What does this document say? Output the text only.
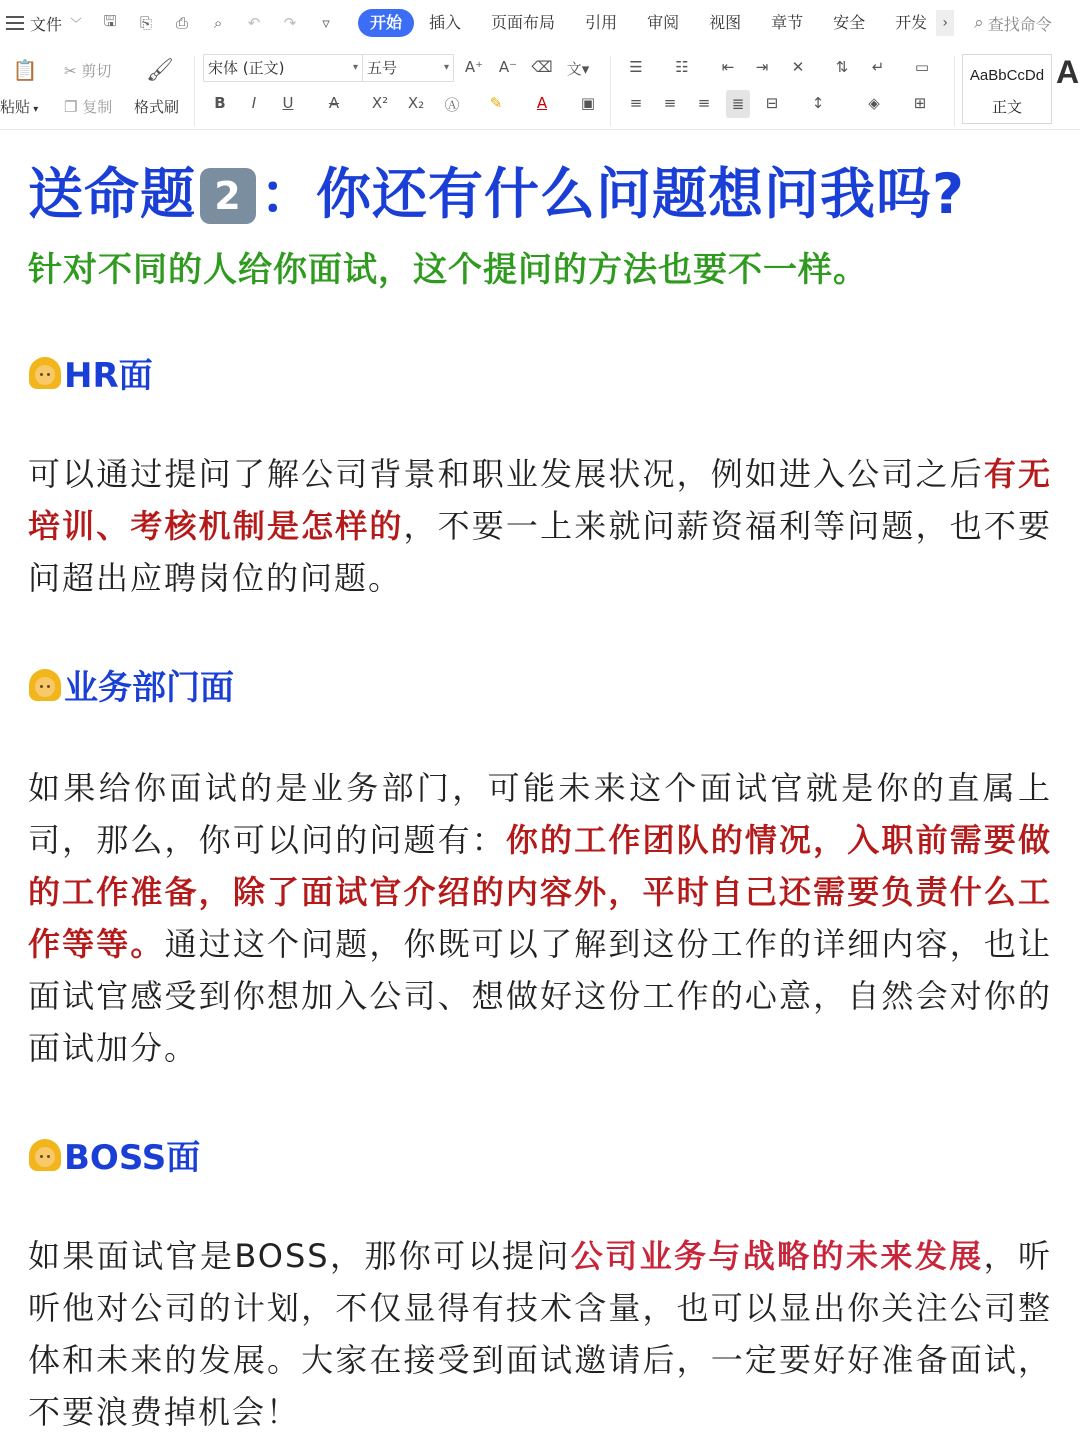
文件 ﹀ 🖫 ⎘ ⎙	⌕	↶ ↷	▿	开始	插入	页面布局	引用	审阅	视图	章节	安全	开发	›	⌕ 查找命令
📋
粘贴 ▾
✂ 剪切
❐ 复制
🖌
格式刷
宋体 (正文)	▾ 五号	▾ A⁺ A⁻ ⌫ 文▾
B	I	U	A	X² X₂ Ⓐ	✎	A	▣
☰	☷	⇤	⇥	✕	⇅	↵	▭
≡	≡	≡	≣	⊟	↕	◈	⊞
AaBbCcDd
正文
A
送命题 2 ：你还有什么问题想问我吗?
针对不同的人给你面试，这个提问的方法也要不一样。
HR面
可以通过提问了解公司背景和职业发展状况，例如进入公司之后有无培训、考核机制是怎样的，不要一上来就问薪资福利等问题，也不要问超出应聘岗位的问题。
业务部门面
如果给你面试的是业务部门，可能未来这个面试官就是你的直属上司，那么，你可以问的问题有：你的工作团队的情况，入职前需要做的工作准备，除了面试官介绍的内容外，平时自己还需要负责什么工作等等。通过这个问题，你既可以了解到这份工作的详细内容，也让面试官感受到你想加入公司、想做好这份工作的心意，自然会对你的面试加分。
BOSS面
如果面试官是BOSS，那你可以提问公司业务与战略的未来发展，听听他对公司的计划，不仅显得有技术含量，也可以显出你关注公司整体和未来的发展。大家在接受到面试邀请后，一定要好好准备面试，不要浪费掉机会！
